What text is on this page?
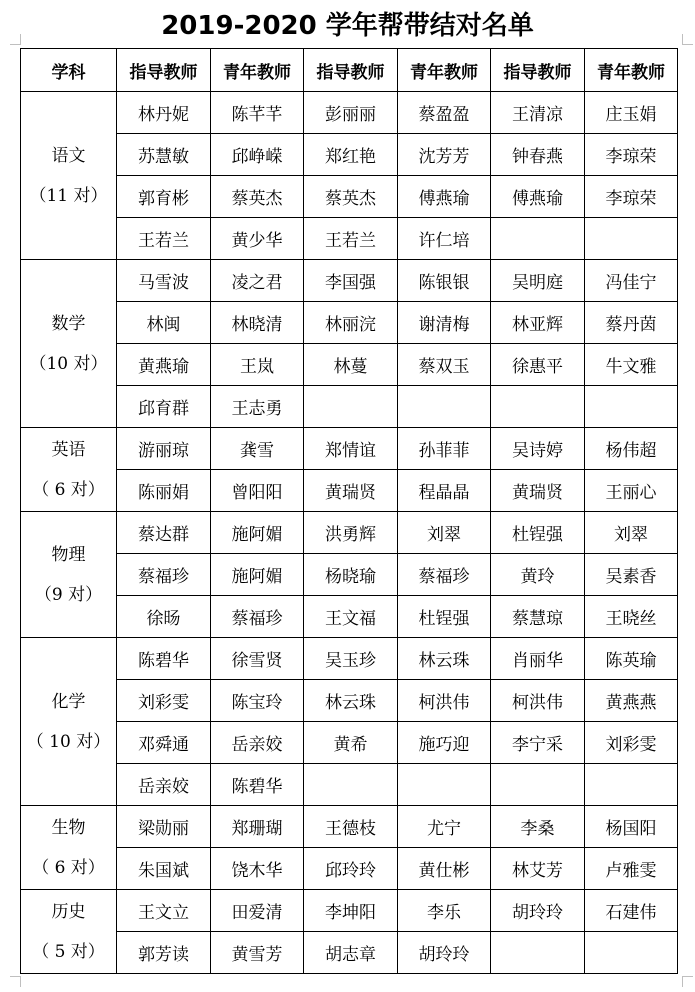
2019-2020 学年帮带结对名单
学科	指导教师	青年教师	指导教师	青年教师	指导教师	青年教师

语文
（11 对）	林丹妮	陈芊芊	彭丽丽	蔡盈盈	王清凉	庄玉娟
	苏慧敏	邱峥嵘	郑红艳	沈芳芳	钟春燕	李琼荣
	郭育彬	蔡英杰	蔡英杰	傅燕瑜	傅燕瑜	李琼荣
	王若兰	黄少华	王若兰	许仁培		

数学
（10 对）	马雪波	凌之君	李国强	陈银银	吴明庭	冯佳宁
	林闽	林晓清	林丽浣	谢清梅	林亚辉	蔡丹茵
	黄燕瑜	王岚	林蔓	蔡双玉	徐惠平	牛文雅
	邱育群	王志勇				

英语
（ 6 对）	游丽琼	龚雪	郑情谊	孙菲菲	吴诗婷	杨伟超
	陈丽娟	曾阳阳	黄瑞贤	程晶晶	黄瑞贤	王丽心

物理
（9 对）	蔡达群	施阿媚	洪勇辉	刘翠	杜锃强	刘翠
	蔡福珍	施阿媚	杨晓瑜	蔡福珍	黄玲	吴素香
	徐旸	蔡福珍	王文福	杜锃强	蔡慧琼	王晓丝

化学
（ 10 对）	陈碧华	徐雪贤	吴玉珍	林云珠	肖丽华	陈英瑜
	刘彩雯	陈宝玲	林云珠	柯洪伟	柯洪伟	黄燕燕
	邓舜通	岳亲姣	黄希	施巧迎	李宁采	刘彩雯
	岳亲姣	陈碧华				

生物
（ 6 对）	梁勋丽	郑珊瑚	王德枝	尤宁	李桑	杨国阳
	朱国斌	饶木华	邱玲玲	黄仕彬	林艾芳	卢雅雯

历史
（ 5 对）	王文立	田爱清	李坤阳	李乐	胡玲玲	石建伟
	郭芳读	黄雪芳	胡志章	胡玲玲		
